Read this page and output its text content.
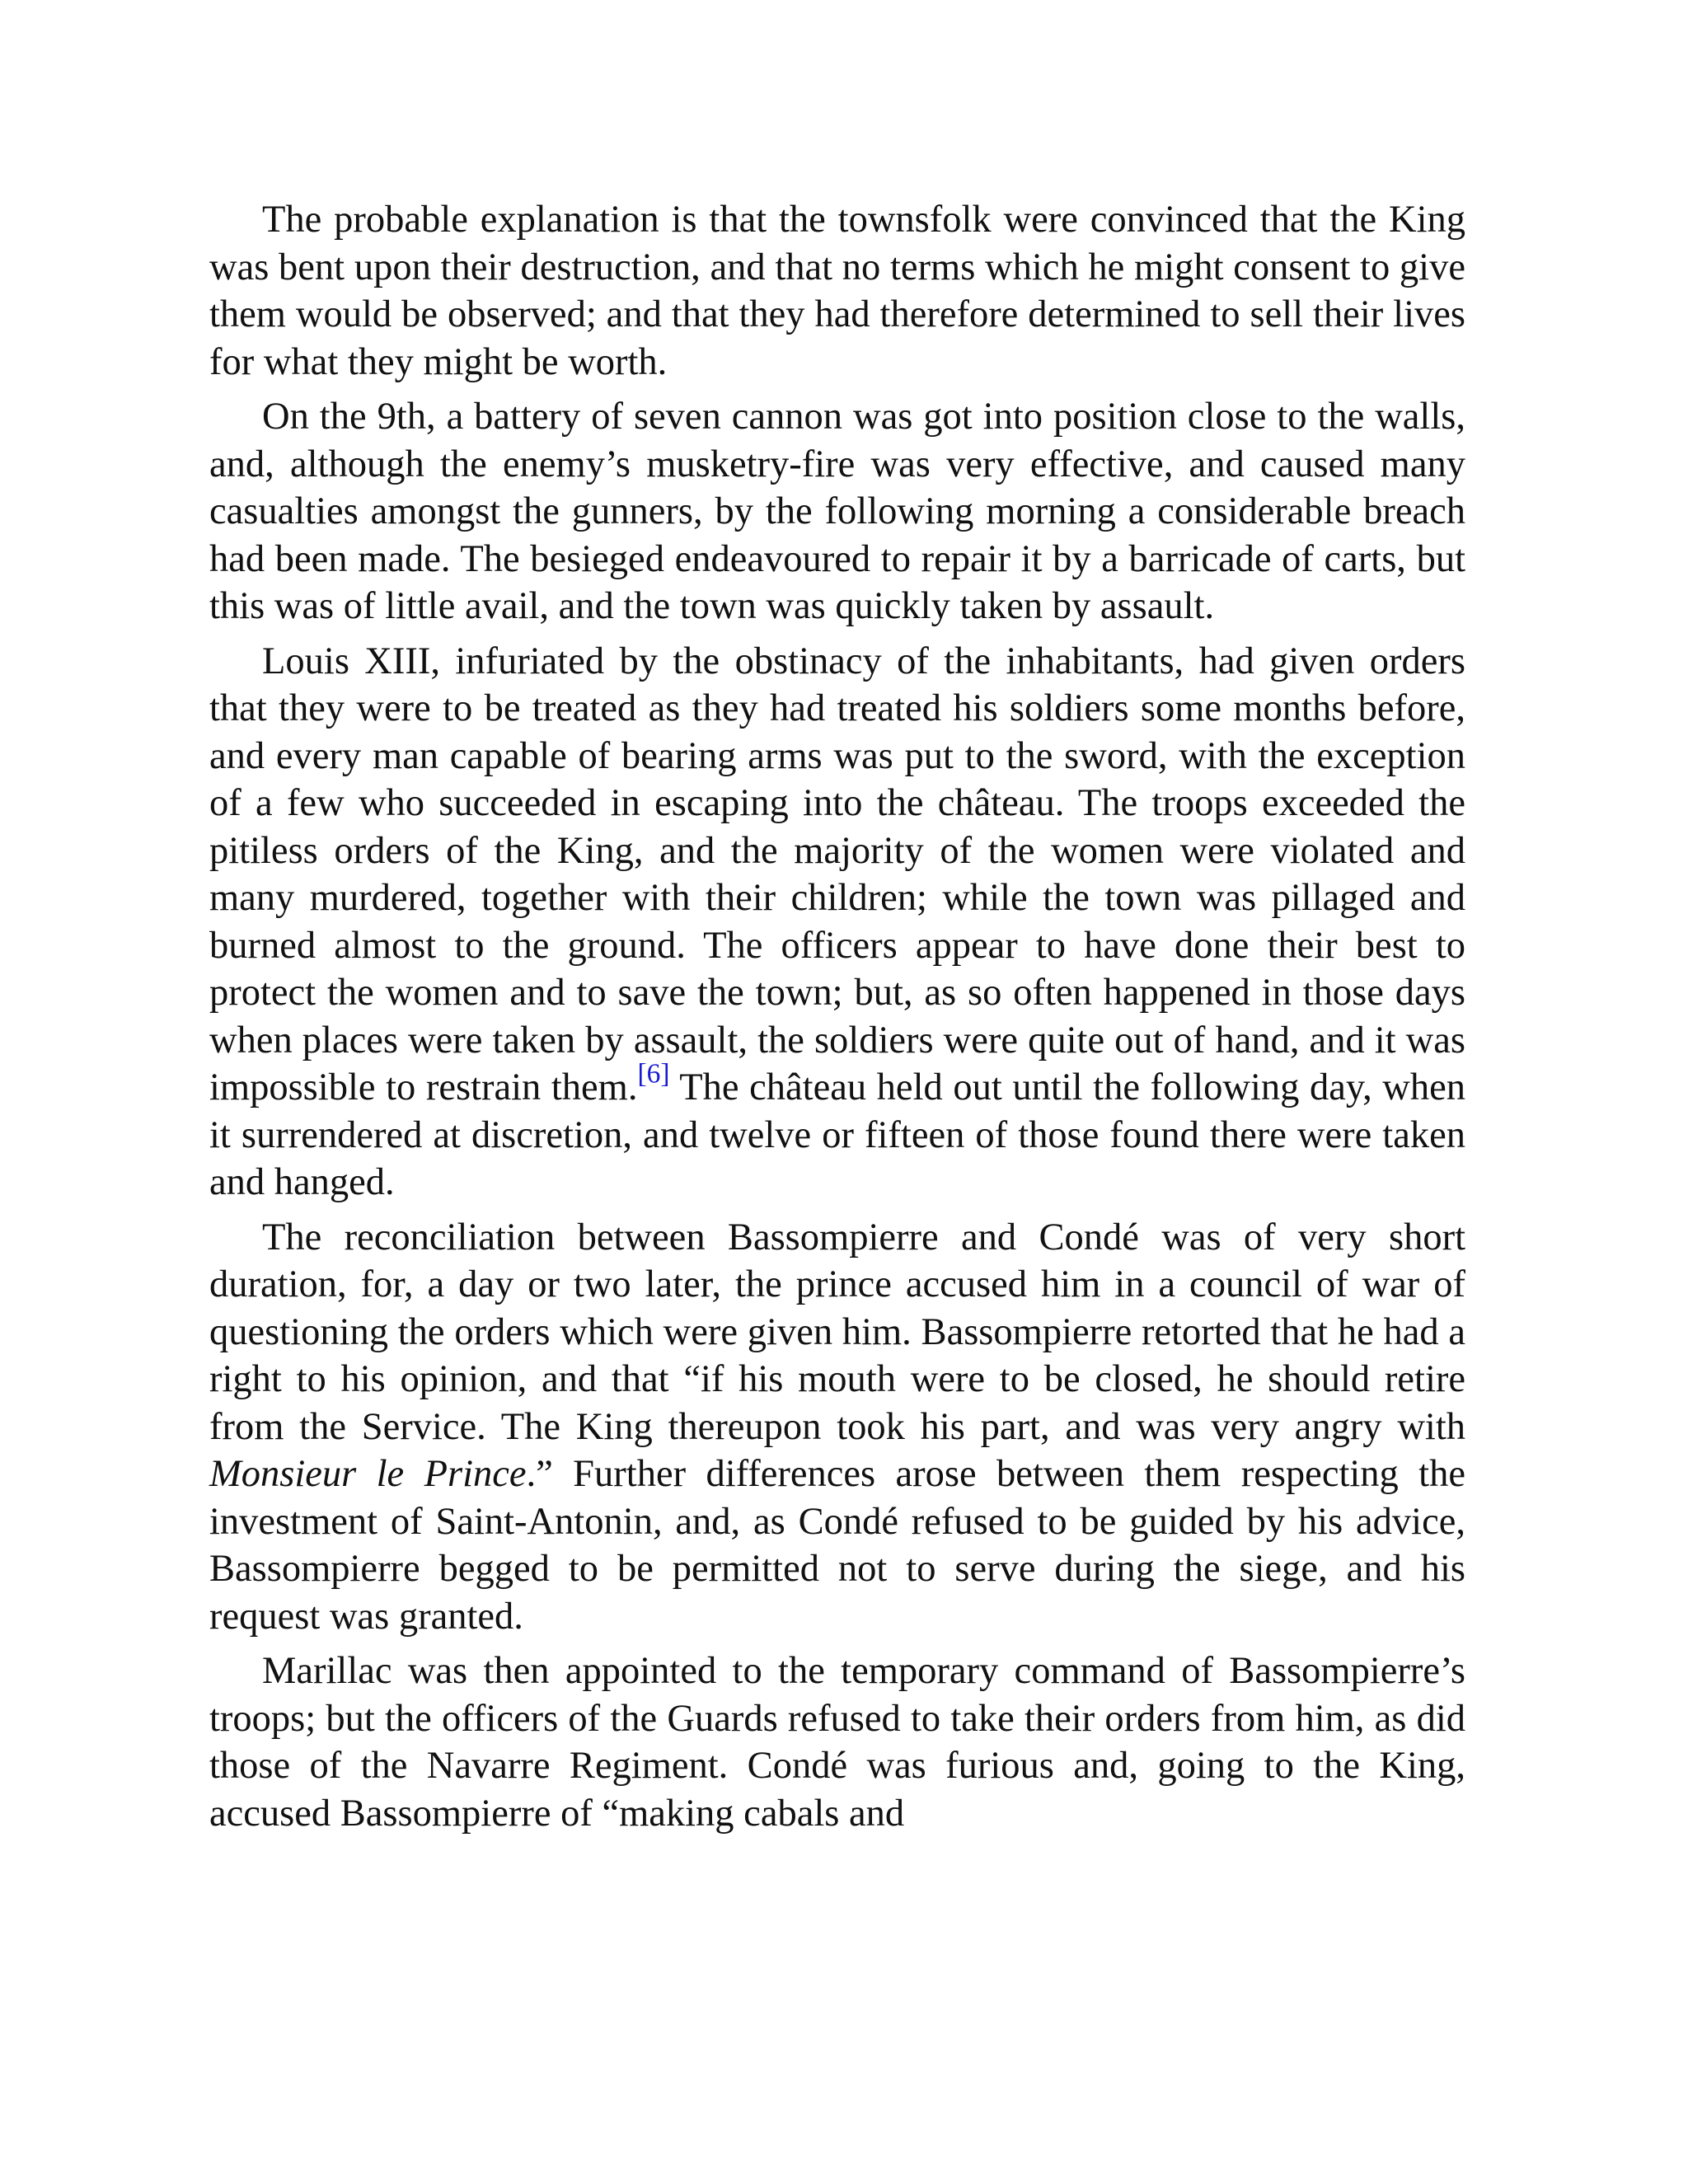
The probable explanation is that the townsfolk were convinced that the King was bent upon their destruction, and that no terms which he might consent to give them would be observed; and that they had therefore determined to sell their lives for what they might be worth.

On the 9th, a battery of seven cannon was got into position close to the walls, and, although the enemy’s musketry-fire was very effective, and caused many casualties amongst the gunners, by the following morning a considerable breach had been made. The besieged endeavoured to repair it by a barricade of carts, but this was of little avail, and the town was quickly taken by assault.

Louis XIII, infuriated by the obstinacy of the inhabitants, had given orders that they were to be treated as they had treated his soldiers some months before, and every man capable of bearing arms was put to the sword, with the exception of a few who succeeded in escaping into the château. The troops exceeded the pitiless orders of the King, and the majority of the women were violated and many murdered, together with their children; while the town was pillaged and burned almost to the ground. The officers appear to have done their best to protect the women and to save the town; but, as so often happened in those days when places were taken by assault, the soldiers were quite out of hand, and it was impossible to restrain them.[6] The château held out until the following day, when it surrendered at discretion, and twelve or fifteen of those found there were taken and hanged.

The reconciliation between Bassompierre and Condé was of very short duration, for, a day or two later, the prince accused him in a council of war of questioning the orders which were given him. Bassompierre retorted that he had a right to his opinion, and that “if his mouth were to be closed, he should retire from the Service. The King thereupon took his part, and was very angry with Monsieur le Prince.” Further differences arose between them respecting the investment of Saint-Antonin, and, as Condé refused to be guided by his advice, Bassompierre begged to be permitted not to serve during the siege, and his request was granted.

Marillac was then appointed to the temporary command of Bassompierre’s troops; but the officers of the Guards refused to take their orders from him, as did those of the Navarre Regiment. Condé was furious and, going to the King, accused Bassompierre of “making cabals and
